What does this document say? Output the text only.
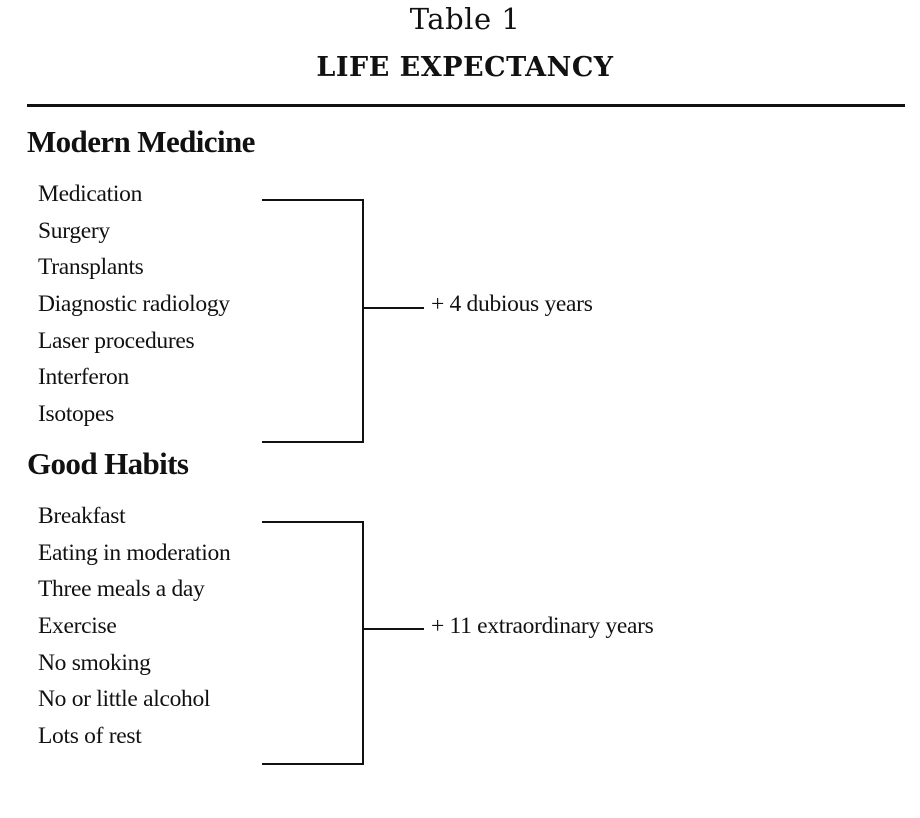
Table 1
LIFE EXPECTANCY
Modern Medicine
Medication
Surgery
Transplants
Diagnostic radiology
Laser procedures
Interferon
Isotopes
+ 4 dubious years
Good Habits
Breakfast
Eating in moderation
Three meals a day
Exercise
No smoking
No or little alcohol
Lots of rest
+ 11 extraordinary years
